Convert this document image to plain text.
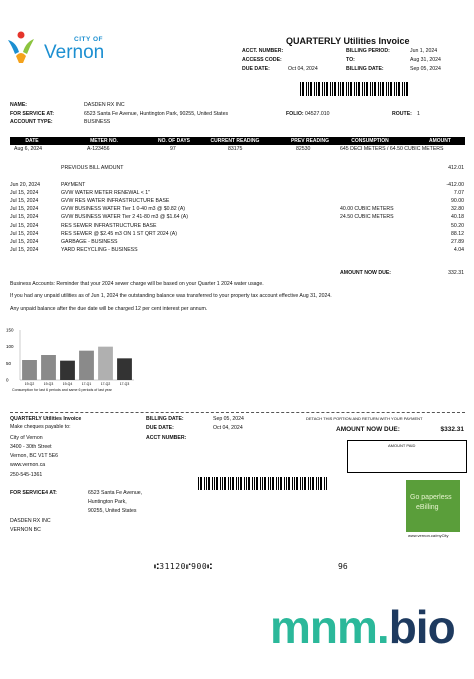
CITY OF
Vernon
QUARTERLY Utilities Invoice
ACCT. NUMBER:
ACCESS CODE:
DUE DATE:	Oct 04, 2024
BILLING PERIOD:	Jun 1, 2024
TO:	Aug 31, 2024
BILLING DATE:	Sep 05, 2024
NAME:	DASDEN RX INC
FOR SERVICE AT:	6523 Santa Fe Avenue, Huntington Park, 90255, United States
ACCOUNT TYPE:	BUSINESS
FOLIO: 04527.010	ROUTE: 1
DATE	METER NO.	NO. OF DAYS	CURRENT READING	PREV READING	CONSUMPTION	AMOUNT
Aug 6, 2024	A-123456	97	83175	82530	645 DECI METERS / 64.50 CUBIC METERS
PREVIOUS BILL AMOUNT	412.01
Jun 20, 2024	PAYMENT	-412.00
Jul 15, 2024	GVW WATER METER RENEWAL < 1"	7.07
Jul 15, 2024	GVW RES WATER INFRASTRUCTURE BASE	90.00
Jul 15, 2024	GVW BUSINESS WATER Tier 1 0-40 m3 @ $0.82 (A)	40.00 CUBIC METERS	32.80
Jul 15, 2024	GVW BUSINESS WATER Tier 2 41-80 m3 @ $1.64 (A)	24.50 CUBIC METERS	40.18
Jul 15, 2024	RES SEWER INFRASTRUCTURE BASE	50.20
Jul 15, 2024	RES SEWER @ $2.45 m3 ON 1 ST QRT 2024 (A)	88.12
Jul 15, 2024	GARBAGE - BUSINESS	27.89
Jul 15, 2024	YARD RECYCLING - BUSINESS	4.04
AMOUNT NOW DUE:	332.31
Business Accounts: Reminder that your 2024 sewer charge will be based on your Quarter 1 2024 water usage.
If you had any unpaid utilities as of Jun 1, 2024 the outstanding balance was transferred to your property tax account effective Aug 31, 2024.
Any unpaid balance after the due date will be charged 12 per cent interest per annum.
150
100
50
0
19-Q2	19-Q3	19-Q4	17-Q1	17-Q2	17-Q3
Consumption for last 6 periods and same 6 periods of last year
QUARTERLY Utilities Invoice
Make cheques payable to:
City of Vernon
3400 - 30th Street
Vernon, BC V1T 5E6
www.vernon.ca
250-545-1361
BILLING DATE:	Sep 05, 2024
DUE DATE:	Oct 04, 2024
ACCT NUMBER:
DETACH THIS PORTION AND RETURN WITH YOUR PAYMENT
AMOUNT NOW DUE:	$332.31
AMOUNT PAID
FOR SERVICE4 AT:	6523 Santa Fe Avenue,
Huntington Park,
90255, United States
DASDEN RX INC
VERNON BC
Go paperless
eBilling
www.vernon.ca/myCity
⑆31120⑈900⑆	96
mnm.bio
